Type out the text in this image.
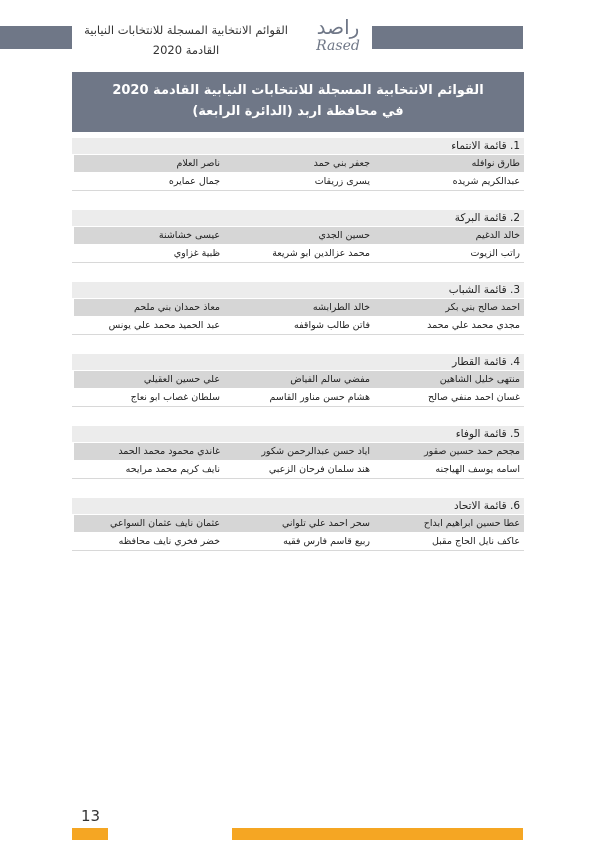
القوائم الانتخابية المسجلة للانتخابات النيابية
القادمة 2020
راصد
Rased
القوائم الانتخابية المسجلة للانتخابات النيابية القادمة 2020
في محافظة اربد (الدائرة الرابعة)
1. قائمة الانتماء
طارق نوافله
جعفر بني حمد
ناصر العلام
عبدالكريم شريده
يسرى زريقات
جمال عمايره
2. قائمة البركة
خالد الدغيم
حسين الجدي
عيسى خشاشنة
راتب الزيوت
محمد عزالدين ابو شريعة
ظبية غزاوي
3. قائمة الشباب
احمد صالح بني بكر
خالد الطرابشه
معاذ حمدان بني ملحم
مجدي محمد علي محمد
فاتن طالب شواقفه
عبد الحميد محمد علي يونس
4. قائمة القطار
منتهى خليل الشاهين
مفضي سالم الفياض
علي حسين العقيلي
غسان احمد منفي صالح
هشام حسن مناور القاسم
سلطان غصاب ابو نعاج
5. قائمة الوفاء
مجحم حمد حسين صقور
اياد حسن عبدالرحمن شكور
غاندي محمود محمد الحمد
اسامه يوسف الهياجنه
هند سلمان فرحان الزعبي
نايف كريم محمد مرايحه
6. قائمة الاتحاد
عطا حسين ابراهيم ابداح
سحر احمد علي تلواني
عثمان نايف عثمان السواعي
عاكف نايل الحاج مقبل
ربيع قاسم فارس فقيه
خضر فخري نايف محافظه
13
